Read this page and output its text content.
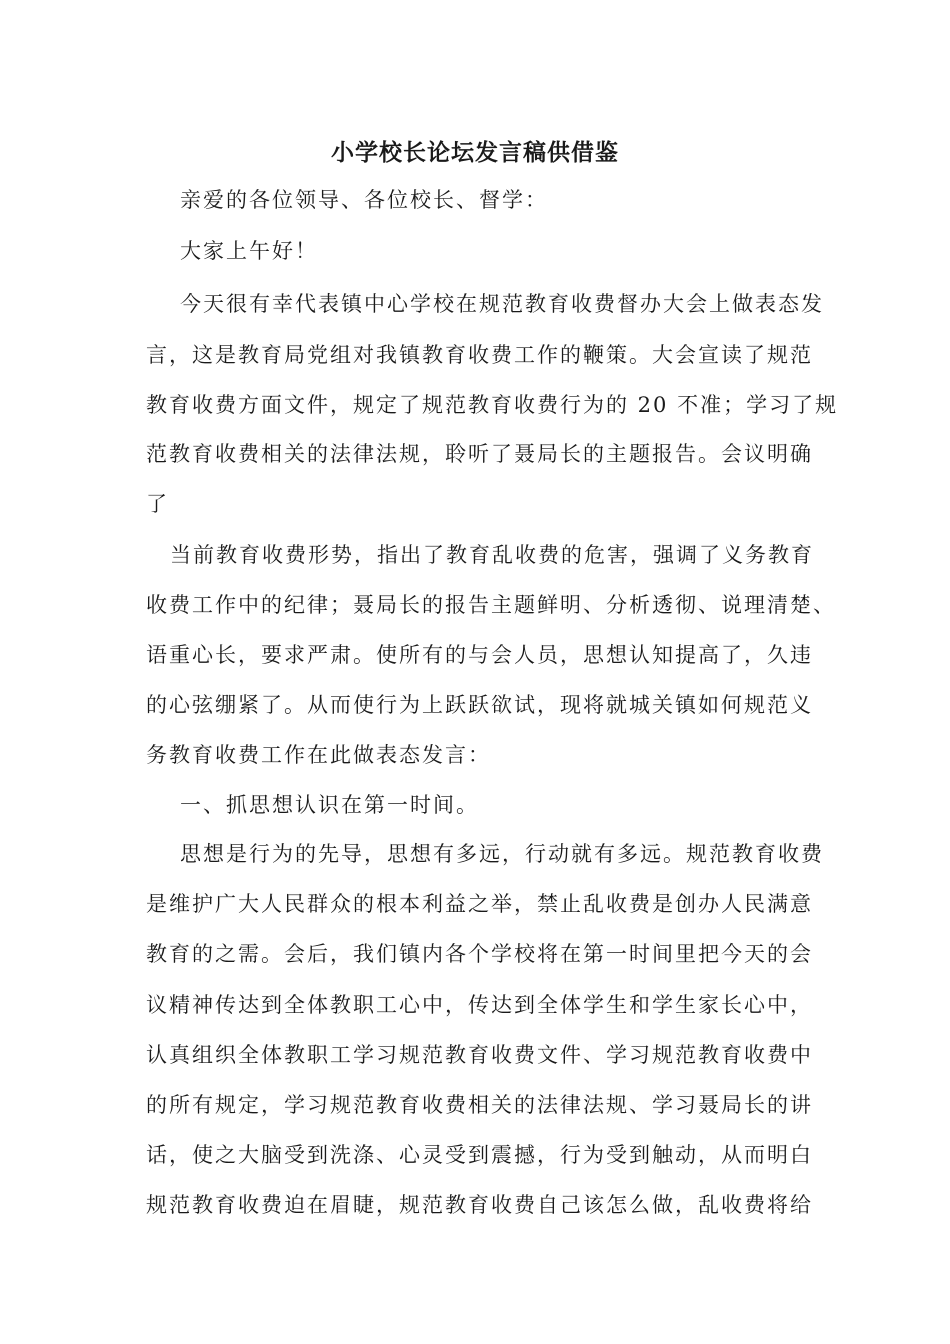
小学校长论坛发言稿供借鉴
亲爱的各位领导、各位校长、督学：
大家上午好！
今天很有幸代表镇中心学校在规范教育收费督办大会上做表态发
言，这是教育局党组对我镇教育收费工作的鞭策。大会宣读了规范
教育收费方面文件，规定了规范教育收费行为的 20 不准；学习了规
范教育收费相关的法律法规，聆听了聂局长的主题报告。会议明确
了
当前教育收费形势，指出了教育乱收费的危害，强调了义务教育
收费工作中的纪律；聂局长的报告主题鲜明、分析透彻、说理清楚、
语重心长，要求严肃。使所有的与会人员，思想认知提高了，久违
的心弦绷紧了。从而使行为上跃跃欲试，现将就城关镇如何规范义
务教育收费工作在此做表态发言：
一、抓思想认识在第一时间。
思想是行为的先导，思想有多远，行动就有多远。规范教育收费
是维护广大人民群众的根本利益之举，禁止乱收费是创办人民满意
教育的之需。会后，我们镇内各个学校将在第一时间里把今天的会
议精神传达到全体教职工心中，传达到全体学生和学生家长心中，
认真组织全体教职工学习规范教育收费文件、学习规范教育收费中
的所有规定，学习规范教育收费相关的法律法规、学习聂局长的讲
话，使之大脑受到洗涤、心灵受到震撼，行为受到触动，从而明白
规范教育收费迫在眉睫，规范教育收费自己该怎么做，乱收费将给
